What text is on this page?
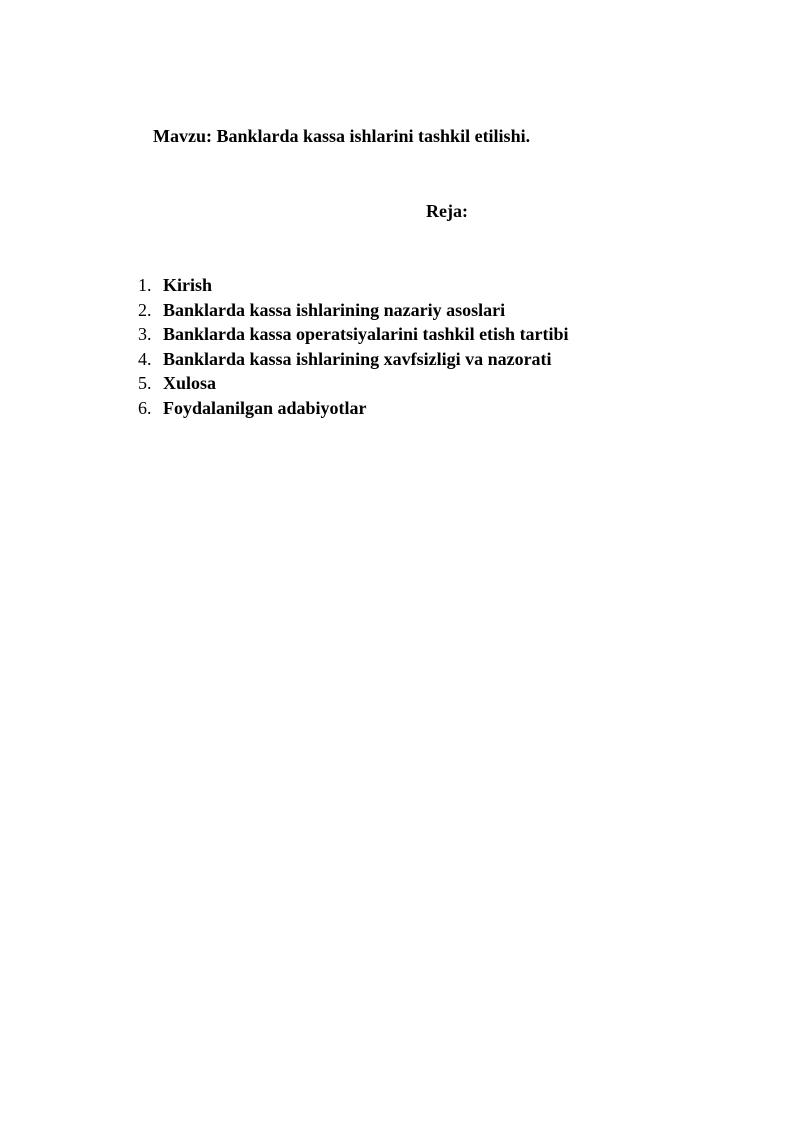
Mavzu: Banklarda kassa ishlarini tashkil etilishi.
Reja:
1. Kirish
2. Banklarda kassa ishlarining nazariy asoslari
3. Banklarda kassa operatsiyalarini tashkil etish tartibi
4. Banklarda kassa ishlarining xavfsizligi va nazorati
5. Xulosa
6. Foydalanilgan adabiyotlar
